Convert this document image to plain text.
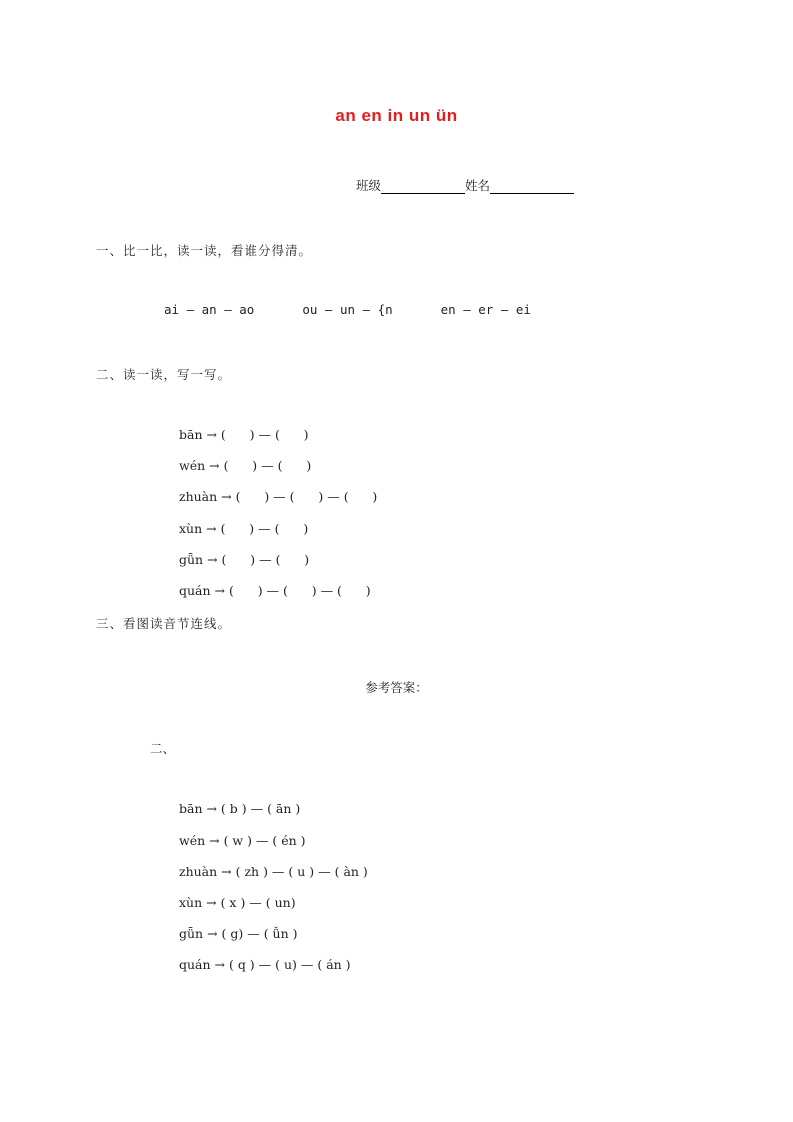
an en in un ün
班级	姓名
一、比一比，读一读，看谁分得清。
ai — an — ao	ou — un — {n	en — er — ei
二、读一读，写一写。
bān → (      ) — (      )
wén → (      ) — (      )
zhuàn → (      ) — (      ) — (      )
xùn → (      ) — (      )
gǖn → (      ) — (      )
quán → (      ) — (      ) — (      )
三、看图读音节连线。
参考答案：
二、
bān → ( b ) — ( ān )
wén → ( w ) — ( én )
zhuàn → ( zh ) — ( u ) — ( àn )
xùn → ( x ) — ( un)
gǖn → ( g) — ( ǚn )
quán → ( q ) — ( u) — ( án )
